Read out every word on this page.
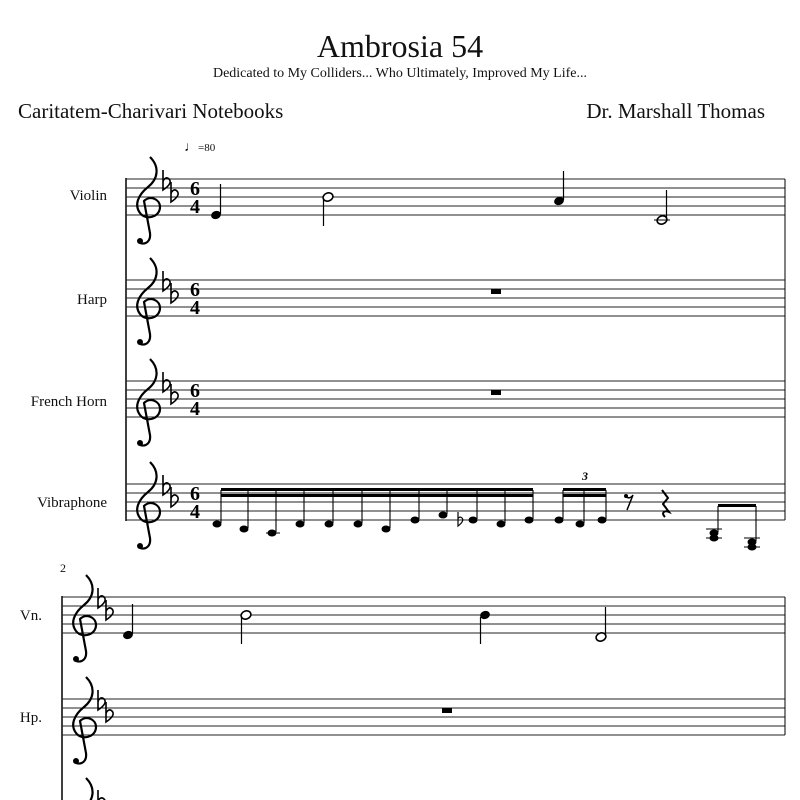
Ambrosia 54
Dedicated to My Colliders... Who Ultimately, Improved My Life...
Caritatem-Charivari Notebooks	Dr. Marshall Thomas
♩=80
Violin
Harp
French Horn
Vibraphone
2
Vn.
Hp.
6
4
6
4
6
4
6
4
3
